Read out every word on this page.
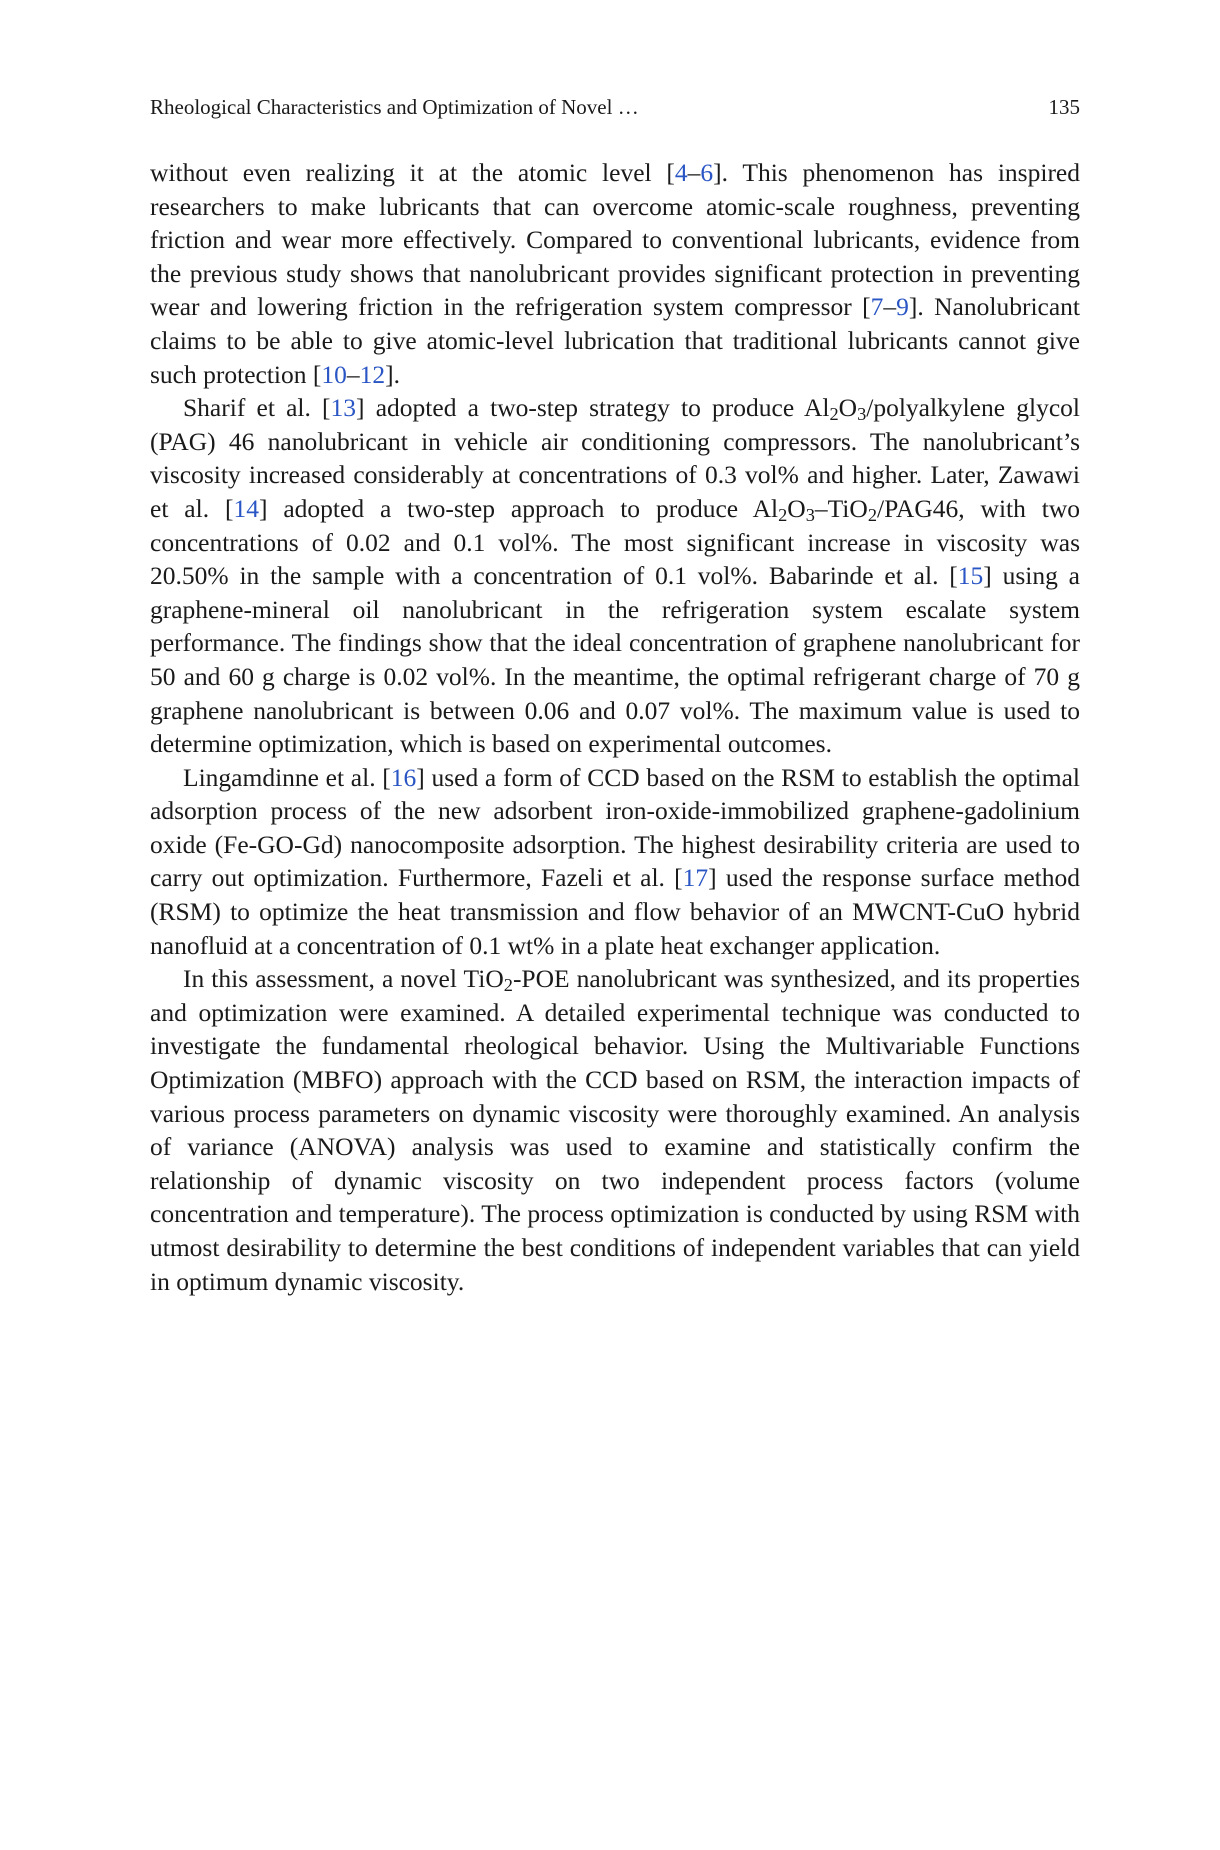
Rheological Characteristics and Optimization of Novel …	135

without even realizing it at the atomic level [4–6]. This phenomenon has inspired researchers to make lubricants that can overcome atomic-scale roughness, preventing friction and wear more effectively. Compared to conventional lubricants, evidence from the previous study shows that nanolubricant provides significant protection in preventing wear and lowering friction in the refrigeration system compressor [7–9]. Nanolubricant claims to be able to give atomic-level lubrication that traditional lubricants cannot give such protection [10–12].

Sharif et al. [13] adopted a two-step strategy to produce $Al_2O_3$/polyalkylene glycol (PAG) 46 nanolubricant in vehicle air conditioning compressors. The nanolubricant’s viscosity increased considerably at concentrations of 0.3 vol% and higher. Later, Zawawi et al. [14] adopted a two-step approach to produce $Al_2O_3-TiO_2/PAG46$, with two concentrations of 0.02 and 0.1 vol%. The most significant increase in viscosity was 20.50% in the sample with a concentration of 0.1 vol%. Babarinde et al. [15] using a graphene-mineral oil nanolubricant in the refrigeration system escalate system performance. The findings show that the ideal concentration of graphene nanolubricant for 50 and 60 g charge is 0.02 vol%. In the meantime, the optimal refrigerant charge of 70 g graphene nanolubricant is between 0.06 and 0.07 vol%. The maximum value is used to determine optimization, which is based on experimental outcomes.

Lingamdinne et al. [16] used a form of CCD based on the RSM to establish the optimal adsorption process of the new adsorbent iron-oxide-immobilized graphene-gadolinium oxide (Fe-GO-Gd) nanocomposite adsorption. The highest desirability criteria are used to carry out optimization. Furthermore, Fazeli et al. [17] used the response surface method (RSM) to optimize the heat transmission and flow behavior of an MWCNT-CuO hybrid nanofluid at a concentration of 0.1 wt% in a plate heat exchanger application.

In this assessment, a novel TiO$_2$-POE nanolubricant was synthesized, and its properties and optimization were examined. A detailed experimental technique was conducted to investigate the fundamental rheological behavior. Using the Multivariable Functions Optimization (MBFO) approach with the CCD based on RSM, the interaction impacts of various process parameters on dynamic viscosity were thoroughly examined. An analysis of variance (ANOVA) analysis was used to examine and statistically confirm the relationship of dynamic viscosity on two independent process factors (volume concentration and temperature). The process optimization is conducted by using RSM with utmost desirability to determine the best conditions of independent variables that can yield in optimum dynamic viscosity.
